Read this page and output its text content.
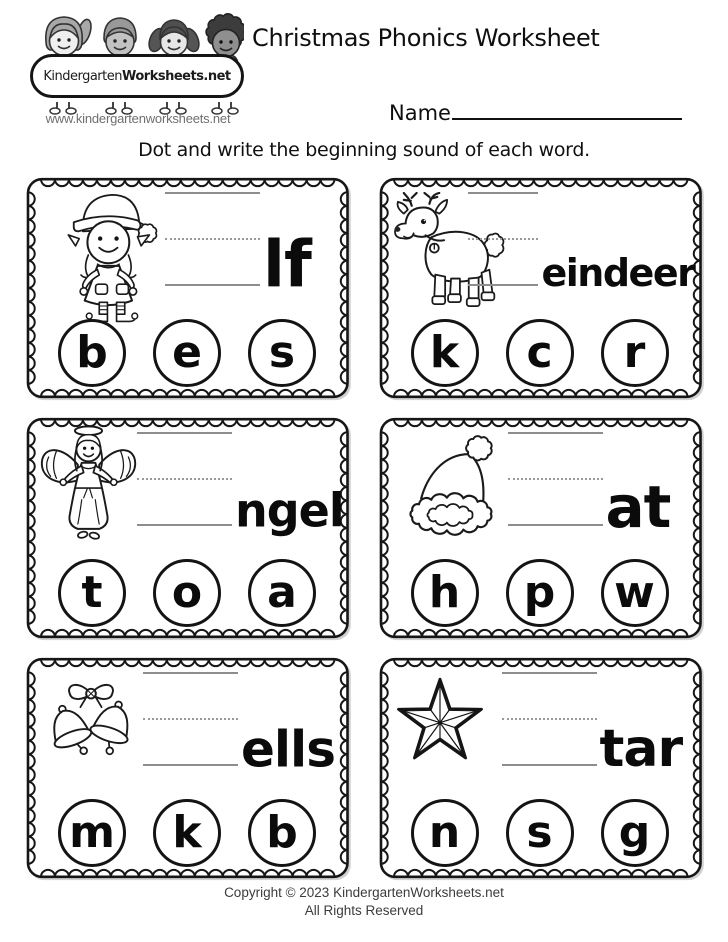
Kindergarten Worksheets.net
www.kindergartenworksheets.net
Christmas Phonics Worksheet
Name
Dot and write the beginning sound of each word.
lf
b e s
eindeer
k c r
ngel
t o a
at
h p w
ells
m k b
tar
n s g
Copyright © 2023 KindergartenWorksheets.net
All Rights Reserved
